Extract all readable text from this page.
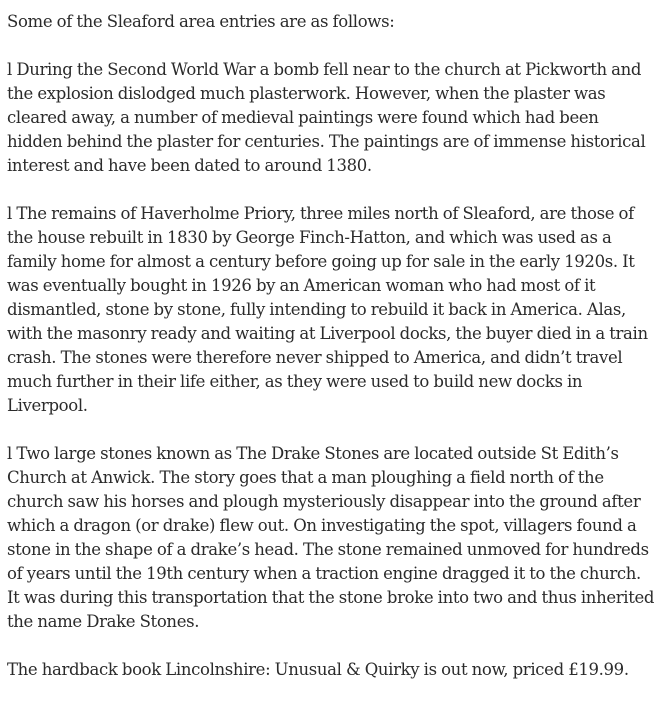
Some of the Sleaford area entries are as follows:

l During the Second World War a bomb fell near to the church at Pickworth and the explosion dislodged much plasterwork. However, when the plaster was cleared away, a number of medieval paintings were found which had been hidden behind the plaster for centuries. The paintings are of immense historical interest and have been dated to around 1380.

l The remains of Haverholme Priory, three miles north of Sleaford, are those of the house rebuilt in 1830 by George Finch-Hatton, and which was used as a family home for almost a century before going up for sale in the early 1920s. It was eventually bought in 1926 by an American woman who had most of it dismantled, stone by stone, fully intending to rebuild it back in America. Alas, with the masonry ready and waiting at Liverpool docks, the buyer died in a train crash. The stones were therefore never shipped to America, and didn’t travel much further in their life either, as they were used to build new docks in Liverpool.

l Two large stones known as The Drake Stones are located outside St Edith’s Church at Anwick. The story goes that a man ploughing a field north of the church saw his horses and plough mysteriously disappear into the ground after which a dragon (or drake) flew out. On investigating the spot, villagers found a stone in the shape of a drake’s head. The stone remained unmoved for hundreds of years until the 19th century when a traction engine dragged it to the church. It was during this transportation that the stone broke into two and thus inherited the name Drake Stones.

The hardback book Lincolnshire: Unusual & Quirky is out now, priced £19.99.
